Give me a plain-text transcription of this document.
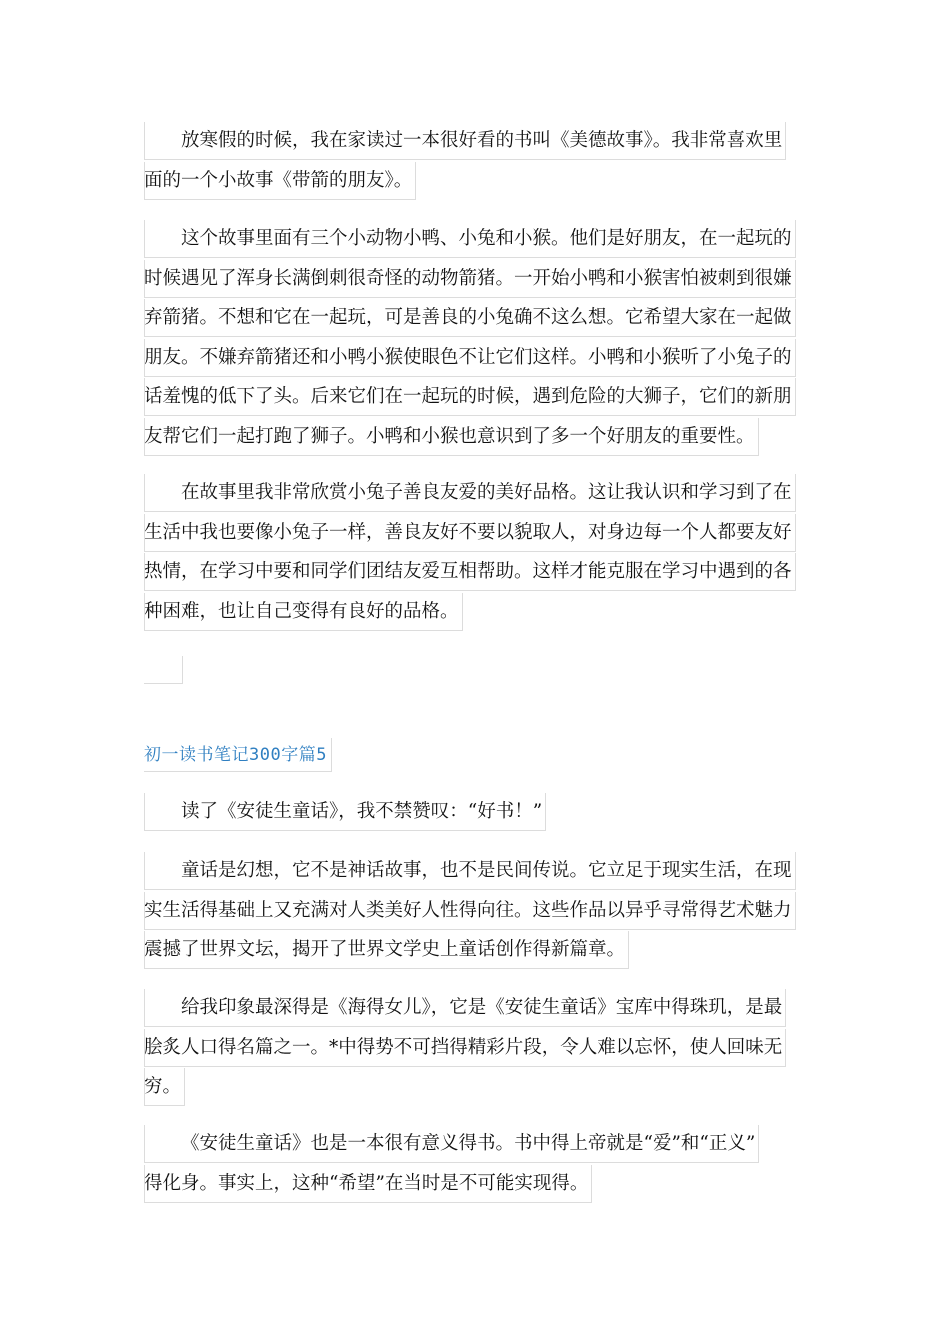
放寒假的时候，我在家读过一本很好看的书叫《美德故事》。我非常喜欢里
面的一个小故事《带箭的朋友》。
这个故事里面有三个小动物小鸭、小兔和小猴。他们是好朋友，在一起玩的
时候遇见了浑身长满倒刺很奇怪的动物箭猪。一开始小鸭和小猴害怕被刺到很嫌
弃箭猪。不想和它在一起玩，可是善良的小兔确不这么想。它希望大家在一起做
朋友。不嫌弃箭猪还和小鸭小猴使眼色不让它们这样。小鸭和小猴听了小兔子的
话羞愧的低下了头。后来它们在一起玩的时候，遇到危险的大狮子，它们的新朋
友帮它们一起打跑了狮子。小鸭和小猴也意识到了多一个好朋友的重要性。
在故事里我非常欣赏小兔子善良友爱的美好品格。这让我认识和学习到了在
生活中我也要像小兔子一样，善良友好不要以貌取人，对身边每一个人都要友好
热情，在学习中要和同学们团结友爱互相帮助。这样才能克服在学习中遇到的各
种困难，也让自己变得有良好的品格。
初一读书笔记300字篇5
读了《安徒生童话》，我不禁赞叹：“好书！”
童话是幻想，它不是神话故事，也不是民间传说。它立足于现实生活，在现
实生活得基础上又充满对人类美好人性得向往。这些作品以异乎寻常得艺术魅力
震撼了世界文坛，揭开了世界文学史上童话创作得新篇章。
给我印象最深得是《海得女儿》，它是《安徒生童话》宝库中得珠玑，是最
脍炙人口得名篇之一。*中得势不可挡得精彩片段，令人难以忘怀，使人回味无
穷。
《安徒生童话》也是一本很有意义得书。书中得上帝就是“爱”和“正义”
得化身。事实上，这种“希望”在当时是不可能实现得。
